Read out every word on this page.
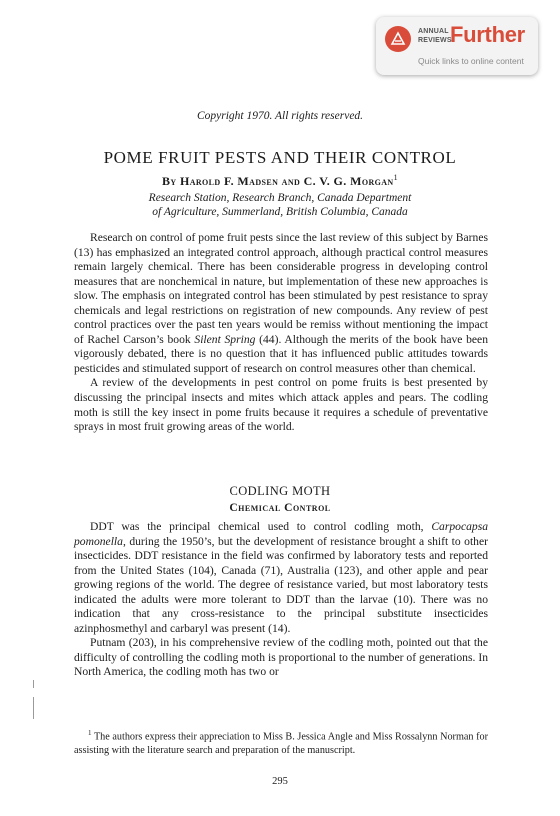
ANNUAL
REVIEWS
Further
Quick links to online content
Copyright 1970. All rights reserved.
POME FRUIT PESTS AND THEIR CONTROL
By Harold F. Madsen and C. V. G. Morgan$^1$
Research Station, Research Branch, Canada Department
of Agriculture, Summerland, British Columbia, Canada

Research on control of pome fruit pests since the last review of this subject by Barnes (13) has emphasized an integrated control approach, although practical control measures remain largely chemical. There has been considerable progress in developing control measures that are nonchemical in nature, but implementation of these new approaches is slow. The emphasis on integrated control has been stimulated by pest resistance to spray chemicals and legal restrictions on registration of new compounds. Any review of pest control practices over the past ten years would be remiss without mentioning the impact of Rachel Carson’s book Silent Spring (44). Although the merits of the book have been vigorously debated, there is no question that it has influenced public attitudes towards pesticides and stimulated support of research on control measures other than chemical.

A review of the developments in pest control on pome fruits is best presented by discussing the principal insects and mites which attack apples and pears. The codling moth is still the key insect in pome fruits because it requires a schedule of preventative sprays in most fruit growing areas of the world.

CODLING MOTH
Chemical Control

DDT was the principal chemical used to control codling moth, Carpocapsa pomonella, during the 1950’s, but the development of resistance brought a shift to other insecticides. DDT resistance in the field was confirmed by laboratory tests and reported from the United States (104), Canada (71), Australia (123), and other apple and pear growing regions of the world. The degree of resistance varied, but most laboratory tests indicated the adults were more tolerant to DDT than the larvae (10). There was no indication that any cross-resistance to the principal substitute insecticides azinphosmethyl and carbaryl was present (14).

Putnam (203), in his comprehensive review of the codling moth, pointed out that the difficulty of controlling the codling moth is proportional to the number of generations. In North America, the codling moth has two or

$^1$ The authors express their appreciation to Miss B. Jessica Angle and Miss Rossalynn Norman for assisting with the literature search and preparation of the manuscript.

295
